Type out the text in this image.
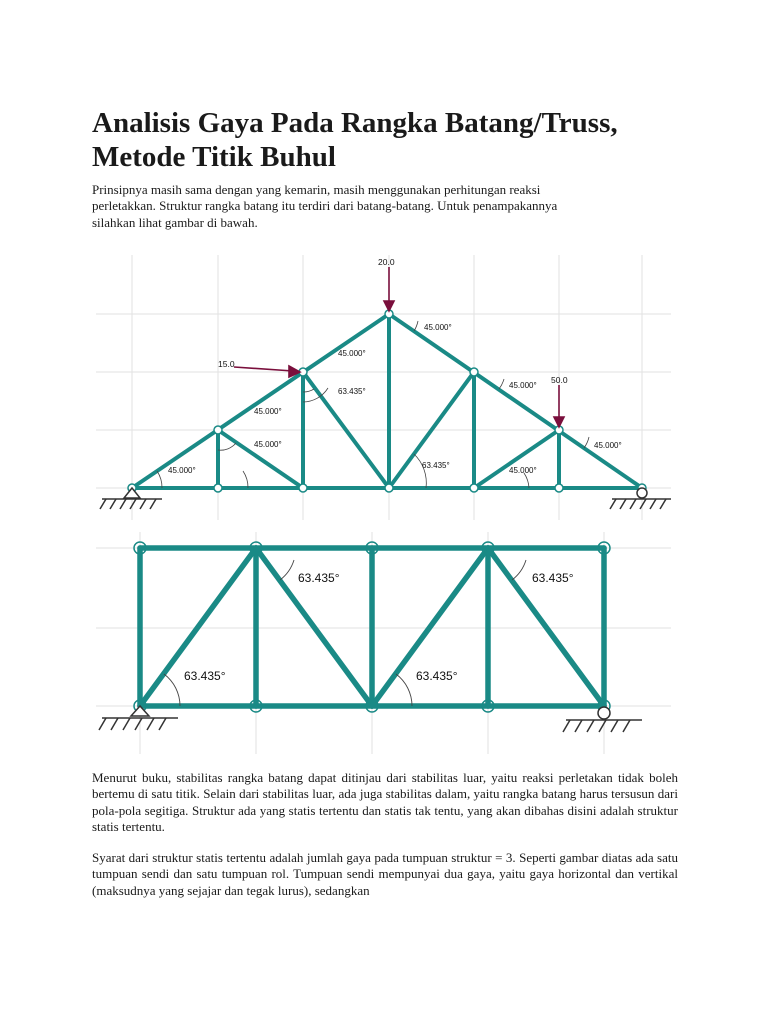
Analisis Gaya Pada Rangka Batang/Truss,
Metode Titik Buhul

Prinsipnya masih sama dengan yang kemarin, masih menggunakan perhitungan reaksi
perletakkan. Struktur rangka batang itu terdiri dari batang-batang. Untuk penampakannya
silahkan lihat gambar di bawah.

20.0
15.0
50.0
45.000°
45.000°
63.435°
45.000°
45.000°
45.000°
63.435°
45.000°
45.000°
45.000°
63.435°	63.435°
63.435°	63.435°

Menurut buku, stabilitas rangka batang dapat ditinjau dari stabilitas luar, yaitu reaksi perletakan tidak boleh bertemu di satu titik. Selain dari stabilitas luar, ada juga stabilitas dalam, yaitu rangka batang harus tersusun dari pola-pola segitiga. Struktur ada yang statis tertentu dan statis tak tentu, yang akan dibahas disini adalah struktur statis tertentu.

Syarat dari struktur statis tertentu adalah jumlah gaya pada tumpuan struktur = 3. Seperti gambar diatas ada satu tumpuan sendi dan satu tumpuan rol. Tumpuan sendi mempunyai dua gaya, yaitu gaya horizontal dan vertikal (maksudnya yang sejajar dan tegak lurus), sedangkan
